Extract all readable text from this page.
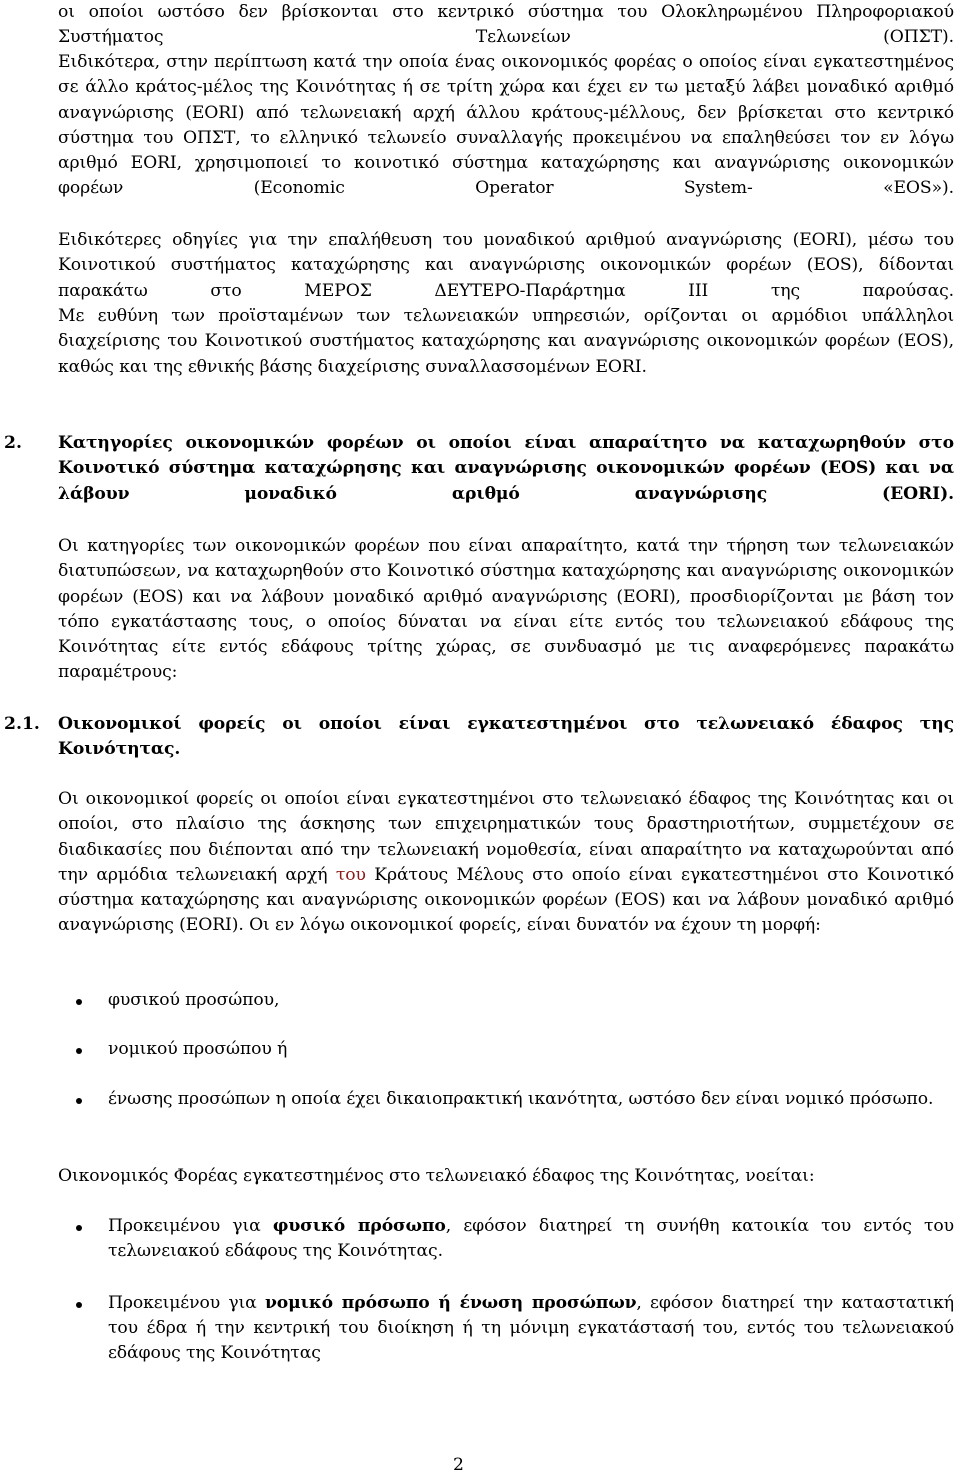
οι οποίοι ωστόσο δεν βρίσκονται στο κεντρικό σύστημα του Ολοκληρωμένου Πληροφοριακού Συστήματος Τελωνείων (ΟΠΣΤ).

Ειδικότερα, στην περίπτωση κατά την οποία ένας οικονομικός φορέας ο οποίος είναι εγκατεστημένος σε άλλο κράτος-μέλος της Κοινότητας ή σε τρίτη χώρα και έχει εν τω μεταξύ λάβει μοναδικό αριθμό αναγνώρισης (EORI) από τελωνειακή αρχή άλλου κράτους-μέλλους, δεν βρίσκεται στο κεντρικό σύστημα του ΟΠΣΤ, το ελληνικό τελωνείο συναλλαγής προκειμένου να επαληθεύσει τον εν λόγω αριθμό EORI, χρησιμοποιεί το κοινοτικό σύστημα καταχώρησης και αναγνώρισης οικονομικών φορέων (Economic Operator System- «EOS»).

Ειδικότερες οδηγίες για την επαλήθευση του μοναδικού αριθμού αναγνώρισης (EORI), μέσω του Κοινοτικού συστήματος καταχώρησης και αναγνώρισης οικονομικών φορέων (EOS), δίδονται παρακάτω στο ΜΕΡΟΣ ΔΕΥΤΕΡΟ-Παράρτημα ΙΙΙ της παρούσας.

Με ευθύνη των προϊσταμένων των τελωνειακών υπηρεσιών, ορίζονται οι αρμόδιοι υπάλληλοι διαχείρισης του Κοινοτικού συστήματος καταχώρησης και αναγνώρισης οικονομικών φορέων (EOS), καθώς και της εθνικής βάσης διαχείρισης συναλλασσομένων EORI.

2. Κατηγορίες οικονομικών φορέων οι οποίοι είναι απαραίτητο να καταχωρηθούν στο Κοινοτικό σύστημα καταχώρησης και αναγνώρισης οικονομικών φορέων (EOS) και να λάβουν μοναδικό αριθμό αναγνώρισης (EORI).

Οι κατηγορίες των οικονομικών φορέων που είναι απαραίτητο, κατά την τήρηση των τελωνειακών διατυπώσεων, να καταχωρηθούν στο Κοινοτικό σύστημα καταχώρησης και αναγνώρισης οικονομικών φορέων (EOS) και να λάβουν μοναδικό αριθμό αναγνώρισης (EORI), προσδιορίζονται με βάση τον τόπο εγκατάστασης τους, ο οποίος δύναται να είναι είτε εντός του τελωνειακού εδάφους της Κοινότητας είτε εντός εδάφους τρίτης χώρας, σε συνδυασμό με τις αναφερόμενες παρακάτω παραμέτρους:

2.1. Οικονομικοί φορείς οι οποίοι είναι εγκατεστημένοι στο τελωνειακό έδαφος της Κοινότητας.

Οι οικονομικοί φορείς οι οποίοι είναι εγκατεστημένοι στο τελωνειακό έδαφος της Κοινότητας και οι οποίοι, στο πλαίσιο της άσκησης των επιχειρηματικών τους δραστηριοτήτων, συμμετέχουν σε διαδικασίες που διέπονται από την τελωνειακή νομοθεσία, είναι απαραίτητο να καταχωρούνται από την αρμόδια τελωνειακή αρχή του Κράτους Μέλους στο οποίο είναι εγκατεστημένοι στο Κοινοτικό σύστημα καταχώρησης και αναγνώρισης οικονομικών φορέων (EOS) και να λάβουν μοναδικό αριθμό αναγνώρισης (EORI). Οι εν λόγω οικονομικοί φορείς, είναι δυνατόν να έχουν τη μορφή:

φυσικού προσώπου,
νομικού προσώπου ή
ένωσης προσώπων η οποία έχει δικαιοπρακτική ικανότητα, ωστόσο δεν είναι νομικό πρόσωπο.

Οικονομικός Φορέας εγκατεστημένος στο τελωνειακό έδαφος της Κοινότητας, νοείται:

Προκειμένου για φυσικό πρόσωπο, εφόσον διατηρεί τη συνήθη κατοικία του εντός του τελωνειακού εδάφους της Κοινότητας.
Προκειμένου για νομικό πρόσωπο ή ένωση προσώπων, εφόσον διατηρεί την καταστατική του έδρα ή την κεντρική του διοίκηση ή τη μόνιμη εγκατάστασή του, εντός του τελωνειακού εδάφους της Κοινότητας
2
